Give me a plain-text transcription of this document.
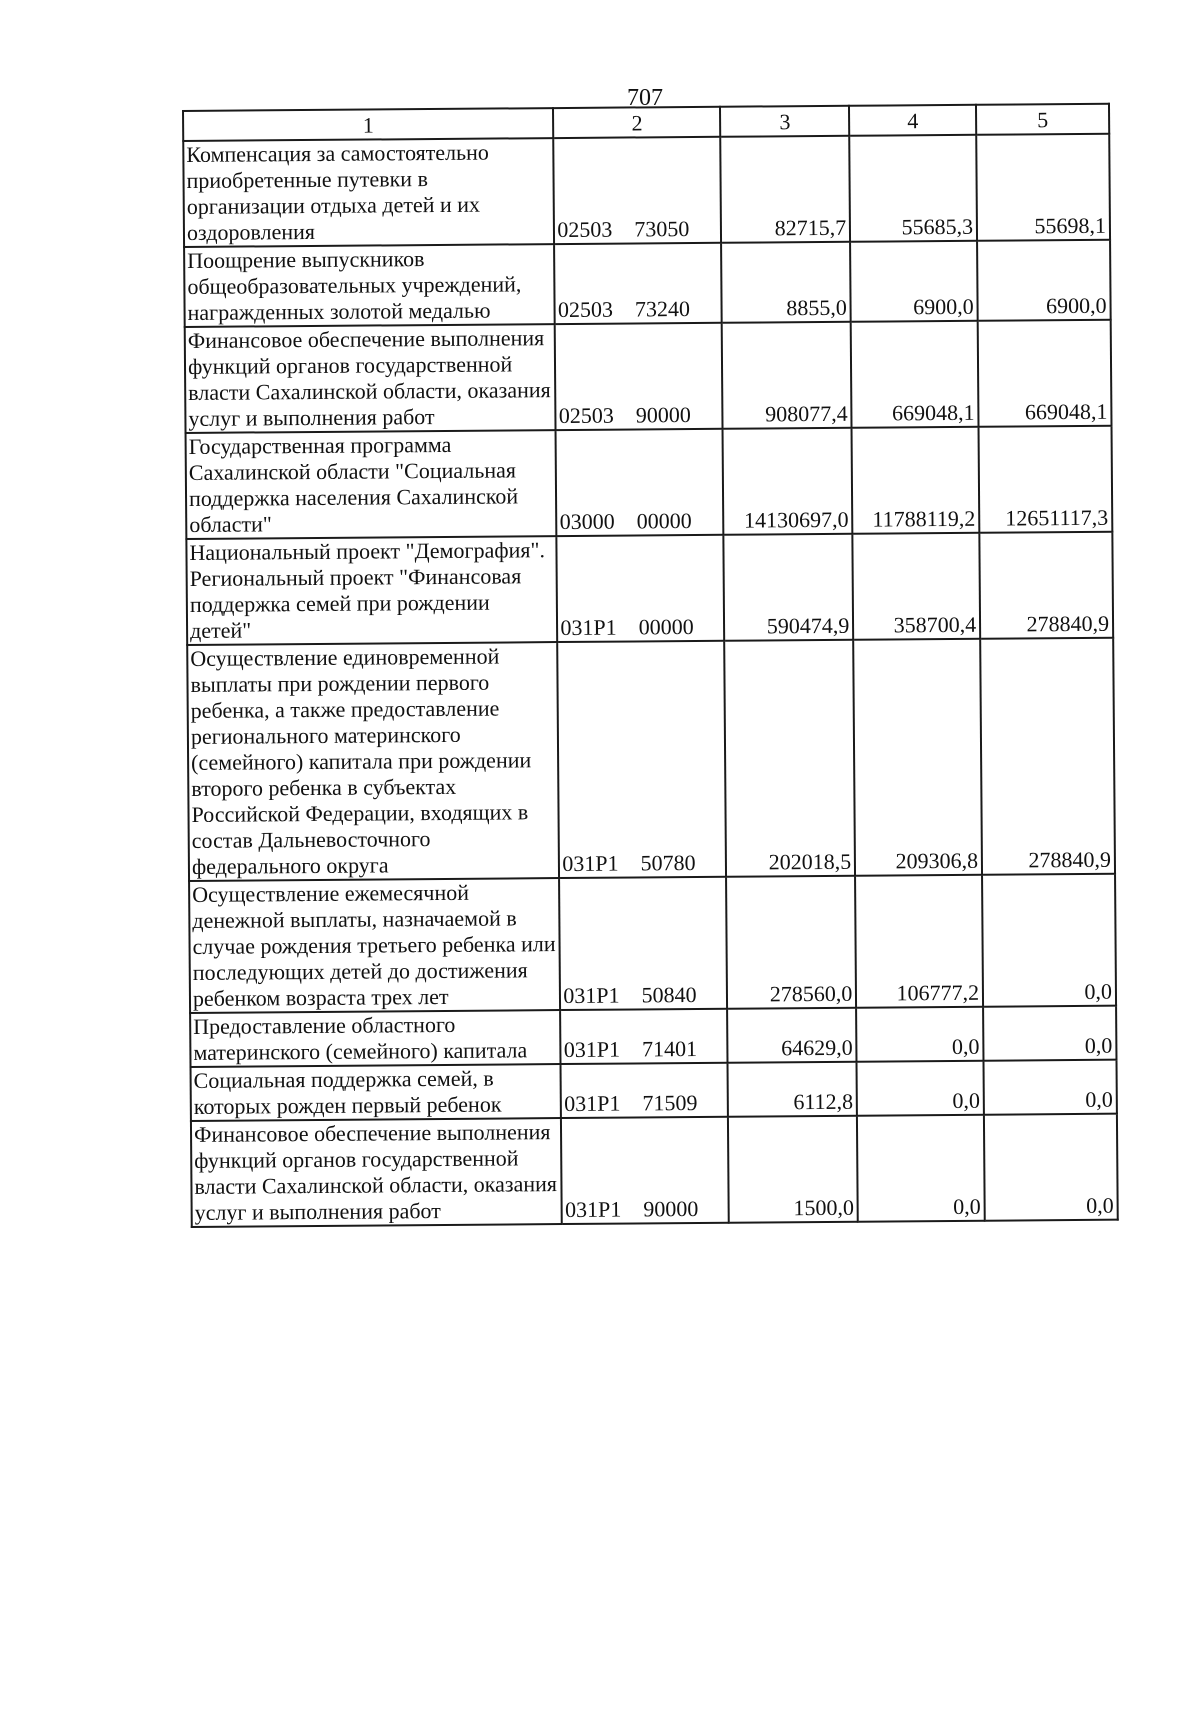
707
1	2	3	4	5
Компенсация за самостоятельно приобретенные путевки в организации отдыха детей и их оздоровления	02503 73050	82715,7	55685,3	55698,1
Поощрение выпускников общеобразовательных учреждений, награжденных золотой медалью	02503 73240	8855,0	6900,0	6900,0
Финансовое обеспечение выполнения функций органов государственной власти Сахалинской области, оказания услуг и выполнения работ	02503 90000	908077,4	669048,1	669048,1
Государственная программа Сахалинской области "Социальная поддержка населения Сахалинской области"	03000 00000	14130697,0	11788119,2	12651117,3
Национальный проект "Демография". Региональный проект "Финансовая поддержка семей при рождении детей"	031P1 00000	590474,9	358700,4	278840,9
Осуществление единовременной выплаты при рождении первого ребенка, а также предоставление регионального материнского (семейного) капитала при рождении второго ребенка в субъектах Российской Федерации, входящих в состав Дальневосточного федерального округа	031P1 50780	202018,5	209306,8	278840,9
Осуществление ежемесячной денежной выплаты, назначаемой в случае рождения третьего ребенка или последующих детей до достижения ребенком возраста трех лет	031P1 50840	278560,0	106777,2	0,0
Предоставление областного материнского (семейного) капитала	031P1 71401	64629,0	0,0	0,0
Социальная поддержка семей, в которых рожден первый ребенок	031P1 71509	6112,8	0,0	0,0
Финансовое обеспечение выполнения функций органов государственной власти Сахалинской области, оказания услуг и выполнения работ	031P1 90000	1500,0	0,0	0,0
